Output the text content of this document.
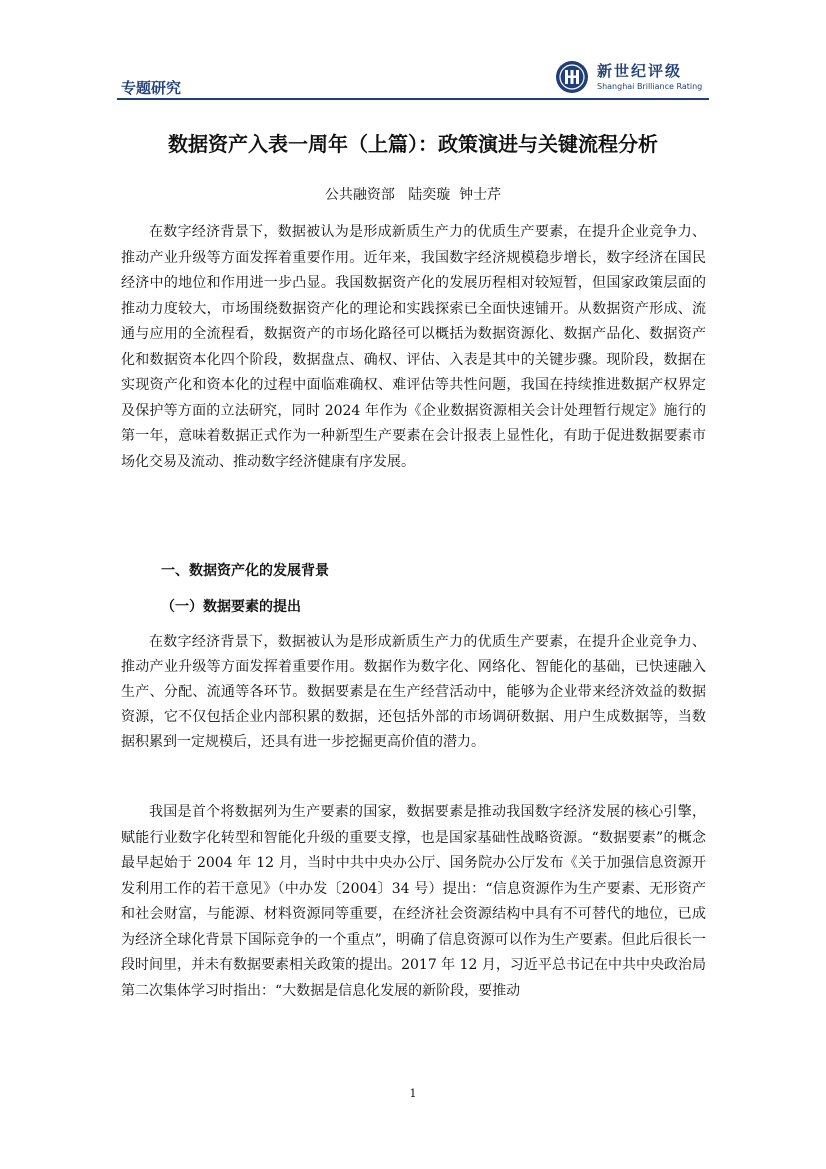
专题研究
新世纪评级
Shanghai Brilliance Rating
数据资产入表一周年（上篇）：政策演进与关键流程分析
公共融资部   陆奕璇  钟士芹

在数字经济背景下，数据被认为是形成新质生产力的优质生产要素，在提升企业竞争力、推动产业升级等方面发挥着重要作用。近年来，我国数字经济规模稳步增长，数字经济在国民经济中的地位和作用进一步凸显。我国数据资产化的发展历程相对较短暂，但国家政策层面的推动力度较大，市场围绕数据资产化的理论和实践探索已全面快速铺开。从数据资产形成、流通与应用的全流程看，数据资产的市场化路径可以概括为数据资源化、数据产品化、数据资产化和数据资本化四个阶段，数据盘点、确权、评估、入表是其中的关键步骤。现阶段，数据在实现资产化和资本化的过程中面临难确权、难评估等共性问题，我国在持续推进数据产权界定及保护等方面的立法研究，同时 2024 年作为《企业数据资源相关会计处理暂行规定》施行的第一年，意味着数据正式作为一种新型生产要素在会计报表上显性化，有助于促进数据要素市场化交易及流动、推动数字经济健康有序发展。

一、数据资产化的发展背景
（一）数据要素的提出

在数字经济背景下，数据被认为是形成新质生产力的优质生产要素，在提升企业竞争力、推动产业升级等方面发挥着重要作用。数据作为数字化、网络化、智能化的基础，已快速融入生产、分配、流通等各环节。数据要素是在生产经营活动中，能够为企业带来经济效益的数据资源，它不仅包括企业内部积累的数据，还包括外部的市场调研数据、用户生成数据等，当数据积累到一定规模后，还具有进一步挖掘更高价值的潜力。

我国是首个将数据列为生产要素的国家，数据要素是推动我国数字经济发展的核心引擎，赋能行业数字化转型和智能化升级的重要支撑，也是国家基础性战略资源。“数据要素”的概念最早起始于 2004 年 12 月，当时中共中央办公厅、国务院办公厅发布《关于加强信息资源开发利用工作的若干意见》（中办发〔2004〕34 号）提出：“信息资源作为生产要素、无形资产和社会财富，与能源、材料资源同等重要，在经济社会资源结构中具有不可替代的地位，已成为经济全球化背景下国际竞争的一个重点”，明确了信息资源可以作为生产要素。但此后很长一段时间里，并未有数据要素相关政策的提出。2017 年 12 月，习近平总书记在中共中央政治局第二次集体学习时指出：“大数据是信息化发展的新阶段，要推动

1
